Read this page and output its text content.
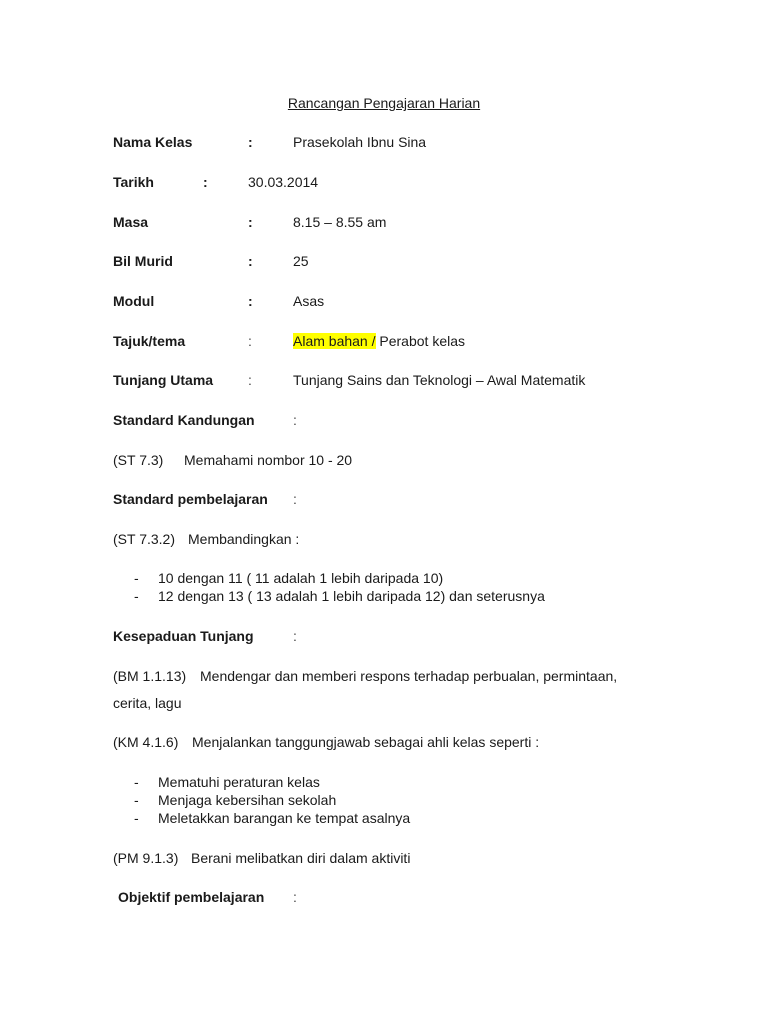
Rancangan Pengajaran Harian
Nama Kelas	:	Prasekolah Ibnu Sina
Tarikh	:	30.03.2014
Masa	:	8.15 – 8.55 am
Bil Murid	:	25
Modul	:	Asas
Tajuk/tema	:	Alam bahan / Perabot kelas
Tunjang Utama :	Tunjang Sains dan Teknologi – Awal Matematik
Standard Kandungan	:
(ST 7.3) Memahami nombor 10 - 20
Standard pembelajaran :
(ST 7.3.2) Membandingkan :
- 10 dengan 11 ( 11 adalah 1 lebih daripada 10)
- 12 dengan 13 ( 13 adalah 1 lebih daripada 12) dan seterusnya
Kesepaduan Tunjang	:
(BM 1.1.13) Mendengar dan memberi respons terhadap perbualan, permintaan,
cerita, lagu
(KM 4.1.6) Menjalankan tanggungjawab sebagai ahli kelas seperti :
- Mematuhi peraturan kelas
- Menjaga kebersihan sekolah
- Meletakkan barangan ke tempat asalnya
(PM 9.1.3) Berani melibatkan diri dalam aktiviti
Objektif pembelajaran :
